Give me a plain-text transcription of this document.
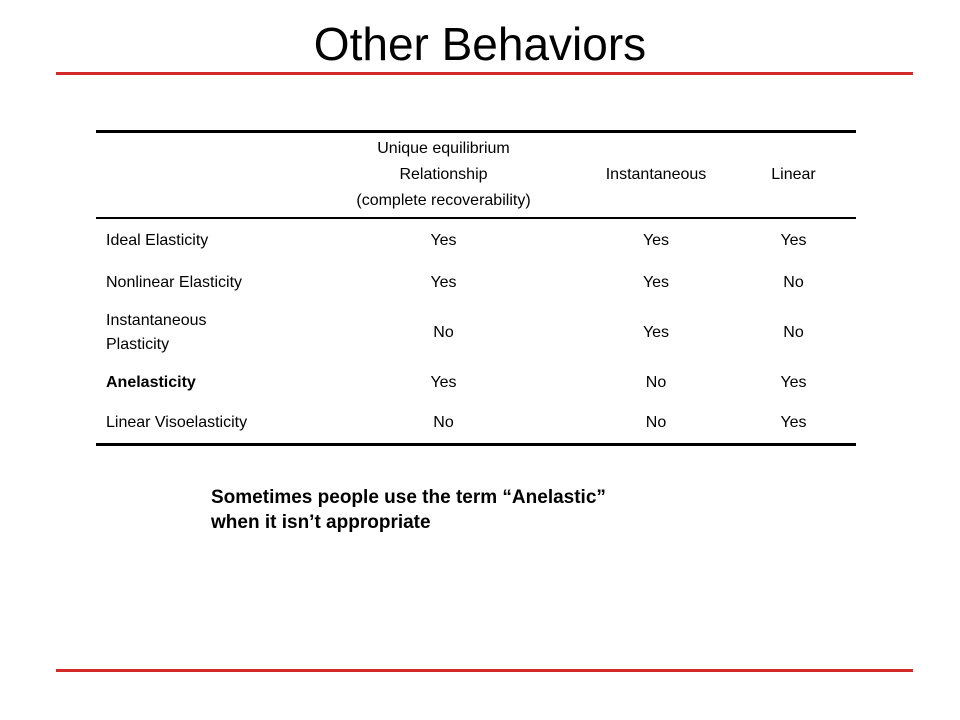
Other Behaviors

	Unique equilibrium
Relationship
(complete recoverability)	Instantaneous	Linear
Ideal Elasticity	Yes	Yes	Yes
Nonlinear Elasticity	Yes	Yes	No

Instantaneous
Plasticity	No	Yes	No
Anelasticity	Yes	No	Yes
Linear Visoelasticity	No	No	Yes
Sometimes people use the term “Anelastic”
when it isn’t appropriate
